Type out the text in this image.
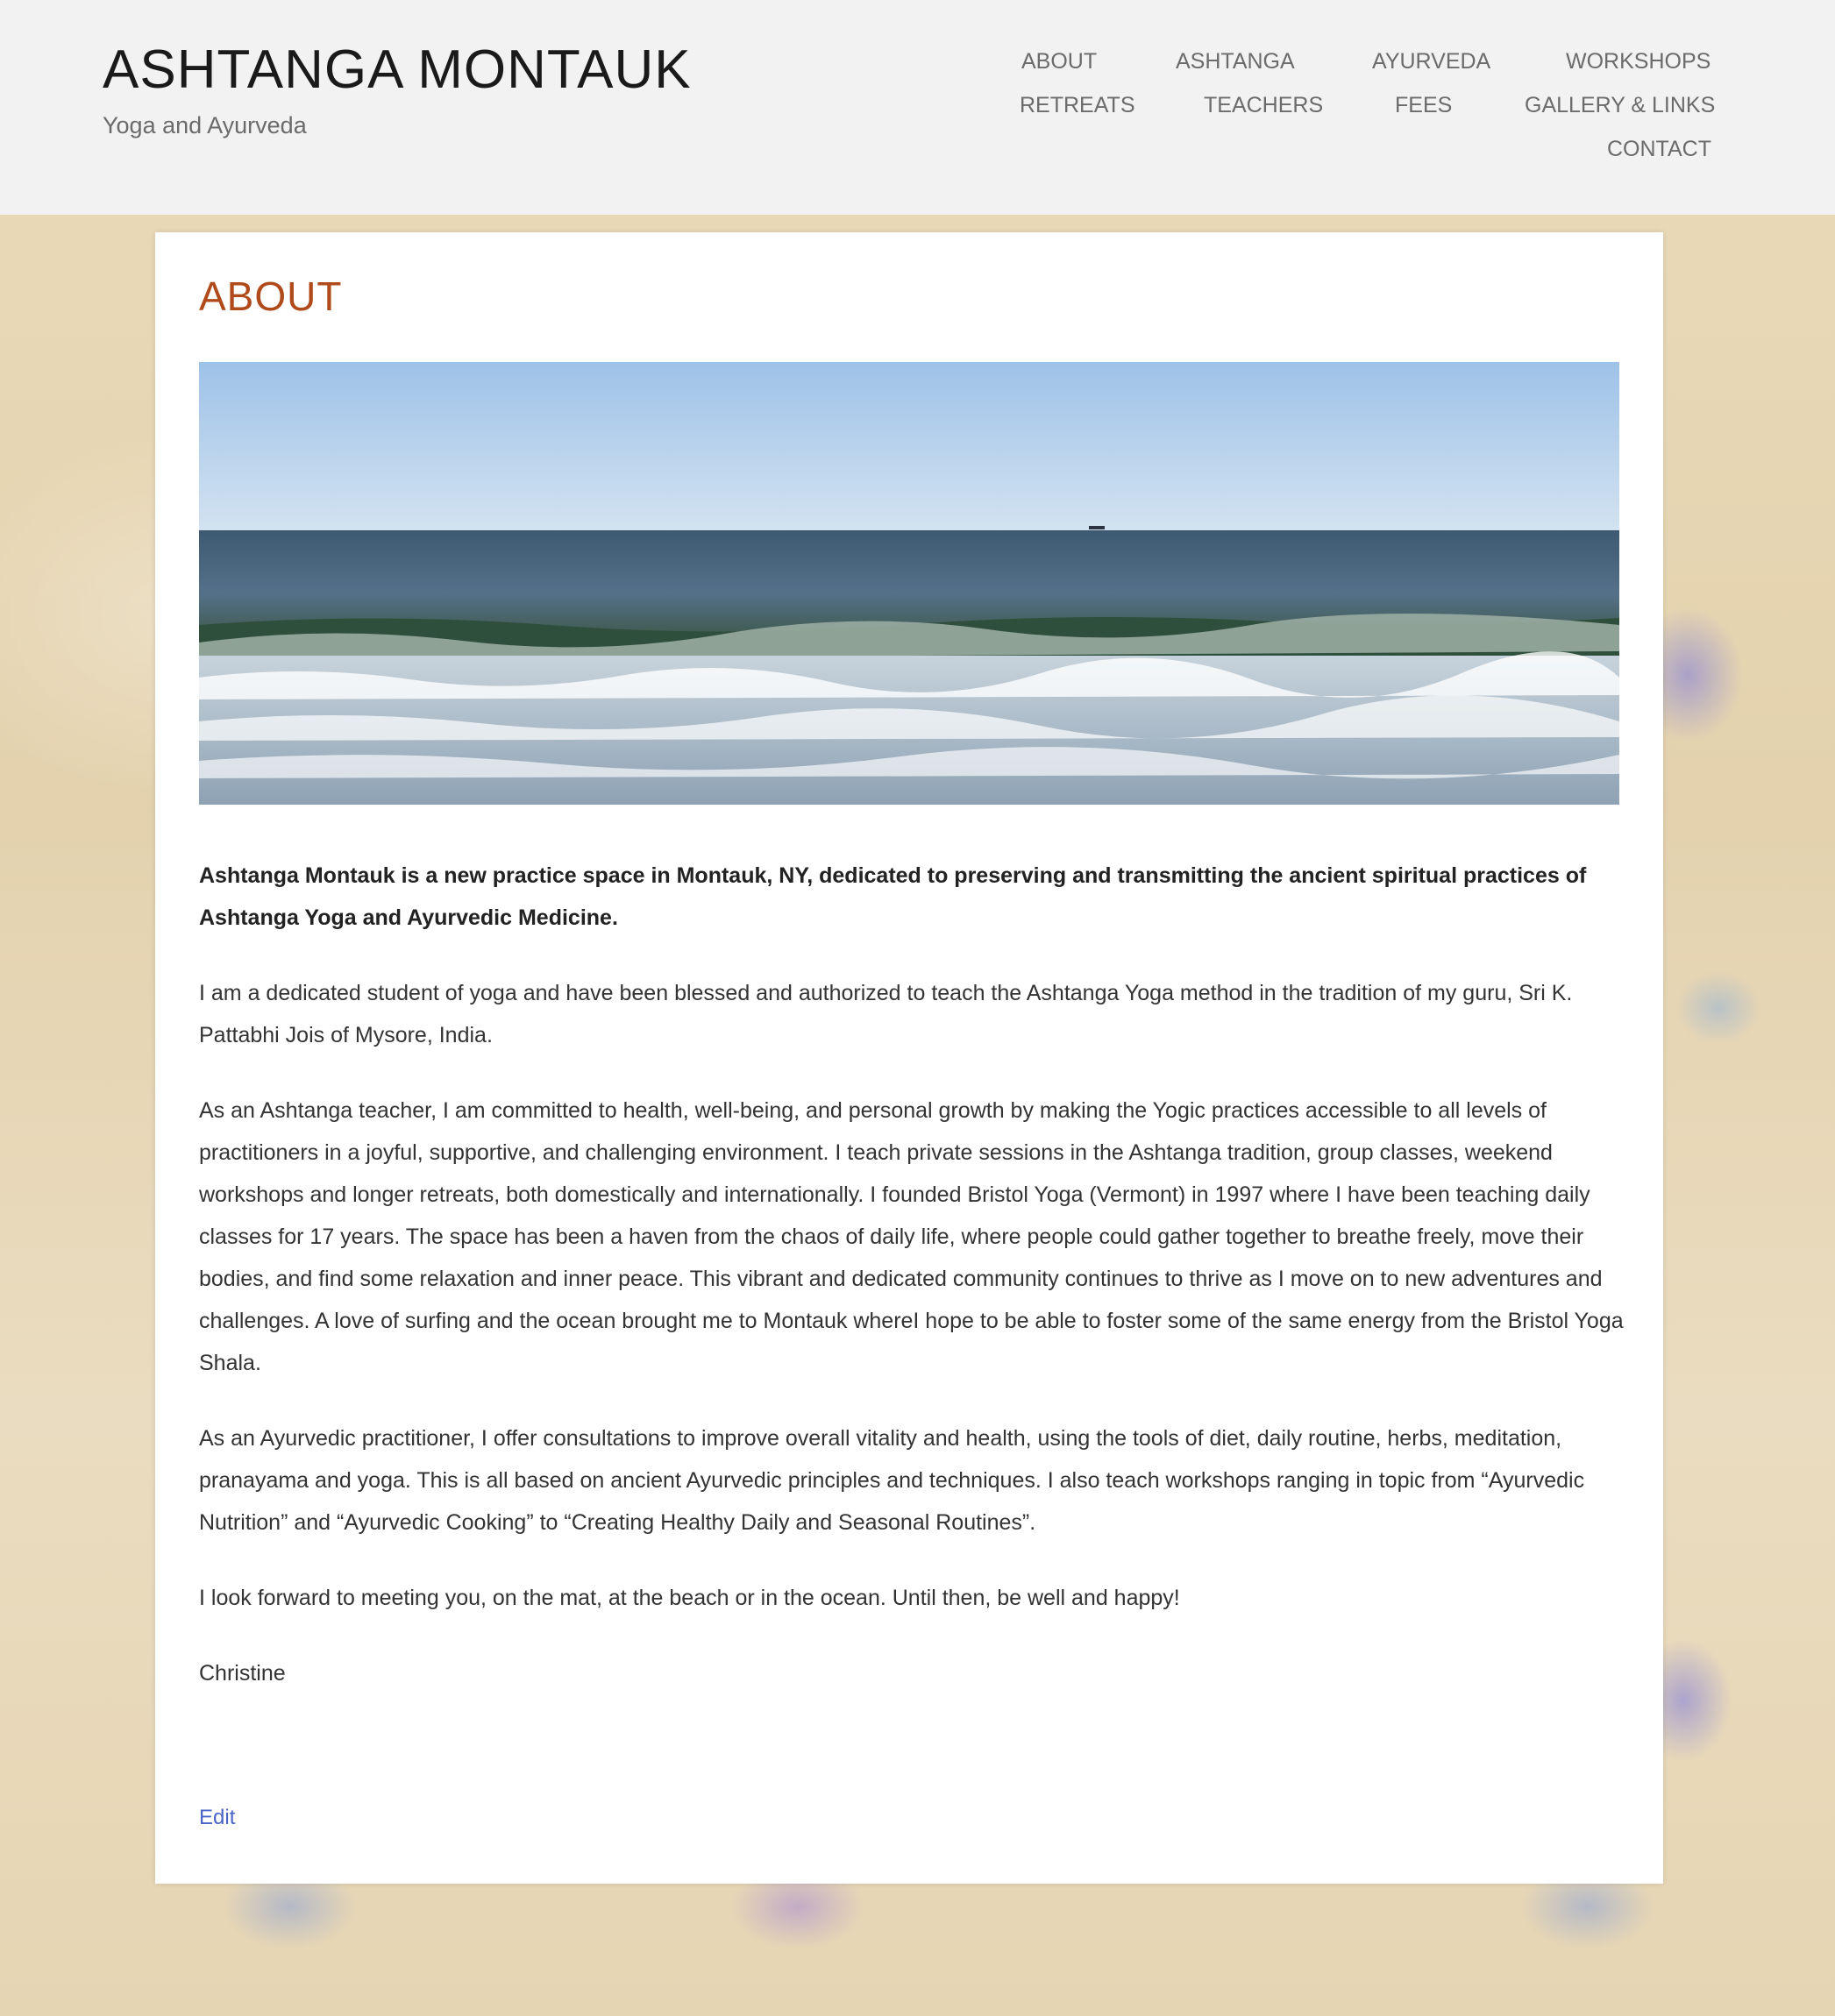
ASHTANGA MONTAUK
Yoga and Ayurveda
ABOUT	ASHTANGA	AYURVEDA	WORKSHOPS
RETREATS	TEACHERS	FEES	GALLERY & LINKS
CONTACT
ABOUT

Ashtanga Montauk is a new practice space in Montauk, NY, dedicated to preserving and transmitting the ancient spiritual practices of Ashtanga Yoga and Ayurvedic Medicine.

I am a dedicated student of yoga and have been blessed and authorized to teach the Ashtanga Yoga method in the tradition of my guru, Sri K. Pattabhi Jois of Mysore, India.

As an Ashtanga teacher, I am committed to health, well-being, and personal growth by making the Yogic practices accessible to all levels of practitioners in a joyful, supportive, and challenging environment. I teach private sessions in the Ashtanga tradition, group classes, weekend workshops and longer retreats, both domestically and internationally. I founded Bristol Yoga (Vermont) in 1997 where I have been teaching daily classes for 17 years. The space has been a haven from the chaos of daily life, where people could gather together to breathe freely, move their bodies, and find some relaxation and inner peace. This vibrant and dedicated community continues to thrive as I move on to new adventures and challenges. A love of surfing and the ocean brought me to Montauk whereI hope to be able to foster some of the same energy from the Bristol Yoga Shala.

As an Ayurvedic practitioner, I offer consultations to improve overall vitality and health, using the tools of diet, daily routine, herbs, meditation, pranayama and yoga. This is all based on ancient Ayurvedic principles and techniques. I also teach workshops ranging in topic from “Ayurvedic Nutrition” and “Ayurvedic Cooking” to “Creating Healthy Daily and Seasonal Routines”.

I look forward to meeting you, on the mat, at the beach or in the ocean. Until then, be well and happy!

Christine

Edit
